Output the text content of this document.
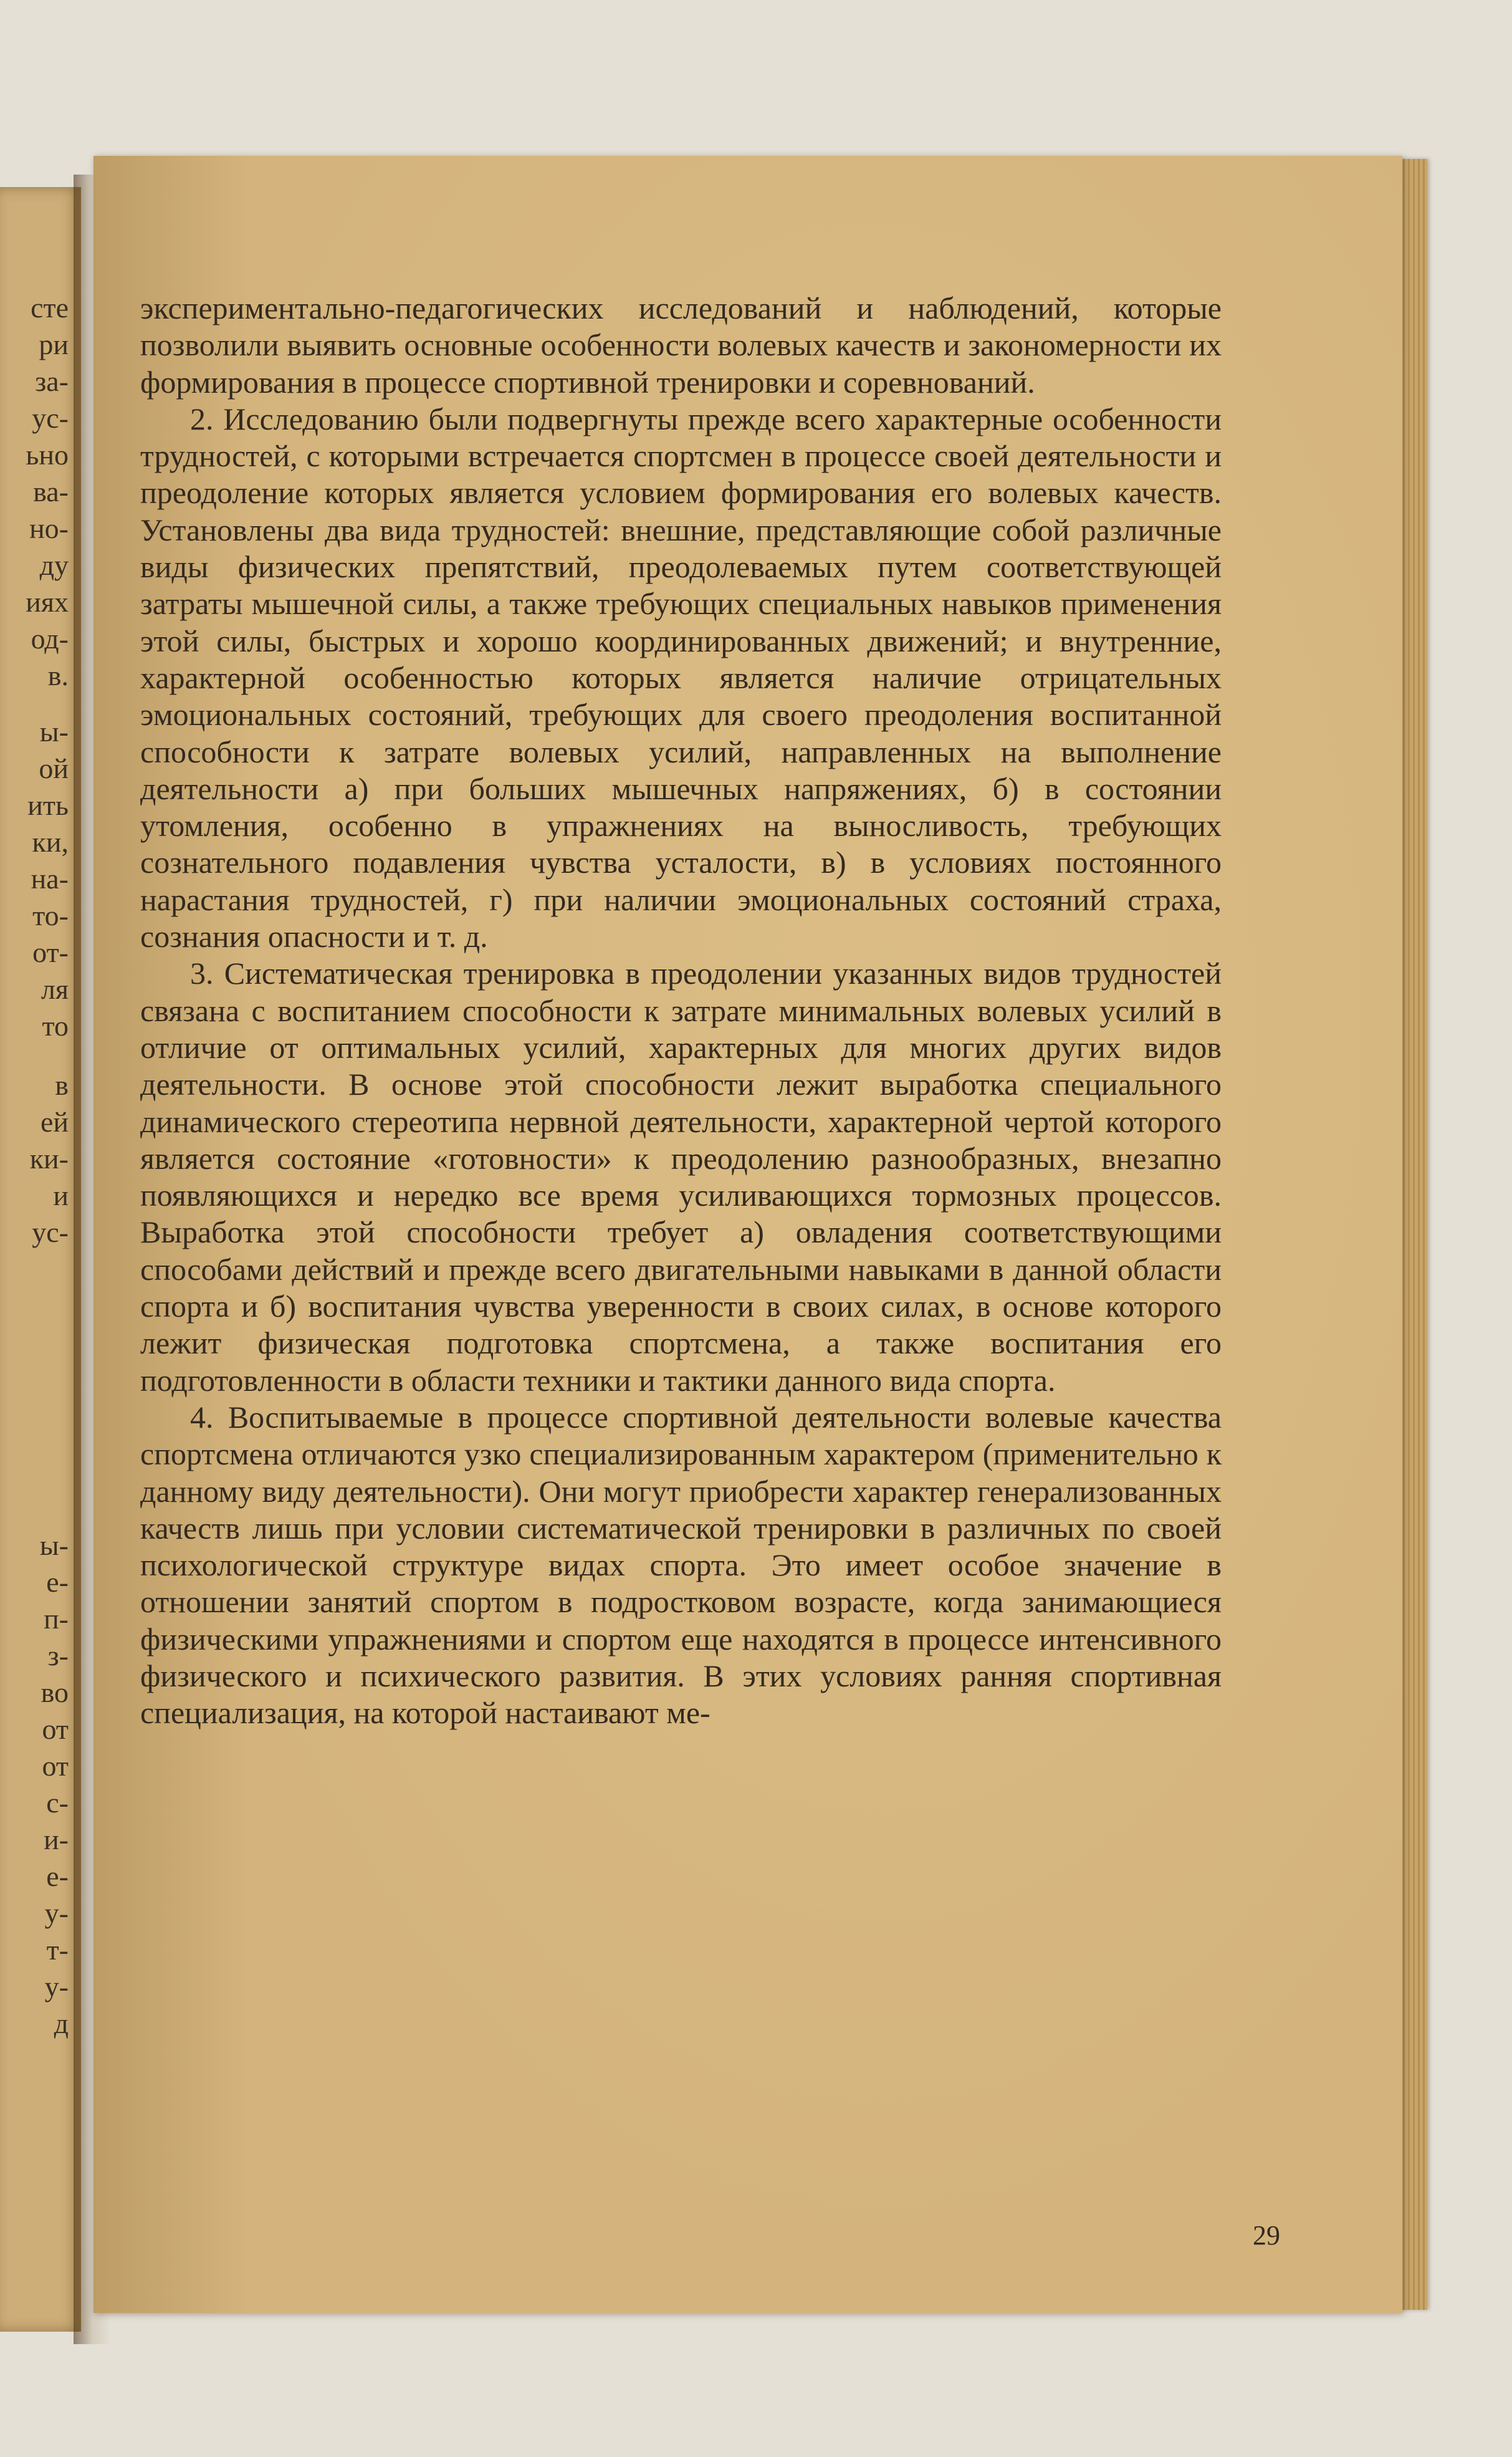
сте
ри
за-
ус-
ьно
ва-
но-
ду
иях
од-
в.
ы-
ой
ить
ки,
на-
то-
от-
ля
то
в
ей
ки-
и
ус-
ы-
е-
п-
з-
во
от
от
с-
и-
е-
у-
т-
у-
д
29

экспериментально-педагогических исследований и наблюдений, которые позволили выявить основные особенности волевых качеств и закономерности их формирования в процессе спортивной тренировки и соревнований.

2. Исследованию были подвергнуты прежде всего характерные особенности трудностей, с которыми встречается спортсмен в процессе своей деятельности и преодоление которых является условием формирования его волевых качеств. Установлены два вида трудностей: внешние, представляющие собой различные виды физических препятствий, преодолеваемых путем соответствующей затраты мышечной силы, а также требующих специальных навыков применения этой силы, быстрых и хорошо координированных движений; и внутренние, характерной особенностью которых является наличие отрицательных эмоциональных состояний, требующих для своего преодоления воспитанной способности к затрате волевых усилий, направленных на выполнение деятельности а) при больших мышечных напряжениях, б) в состоянии утомления, особенно в упражнениях на выносливость, требующих сознательного подавления чувства усталости, в) в условиях постоянного нарастания трудностей, г) при наличии эмоциональных состояний страха, сознания опасности и т. д.

3. Систематическая тренировка в преодолении указанных видов трудностей связана с воспитанием способности к затрате минимальных волевых усилий в отличие от оптимальных усилий, характерных для многих других видов деятельности. В основе этой способности лежит выработка специального динамического стереотипа нервной деятельности, характерной чертой которого является состояние «готовности» к преодолению разнообразных, внезапно появляющихся и нередко все время усиливающихся тормозных процессов. Выработка этой способности требует а) овладения соответствующими способами действий и прежде всего двигательными навыками в данной области спорта и б) воспитания чувства уверенности в своих силах, в основе которого лежит физическая подготовка спортсмена, а также воспитания его подготовленности в области техники и тактики данного вида спорта.

4. Воспитываемые в процессе спортивной деятельности волевые качества спортсмена отличаются узко специализированным характером (применительно к данному виду деятельности). Они могут приобрести характер генерализованных качеств лишь при условии систематической тренировки в различных по своей психологической структуре видах спорта. Это имеет особое значение в отношении занятий спортом в подростковом возрасте, когда занимающиеся физическими упражнениями и спортом еще находятся в процессе интенсивного физического и психического развития. В этих условиях ранняя спортивная специализация, на которой настаивают ме-
